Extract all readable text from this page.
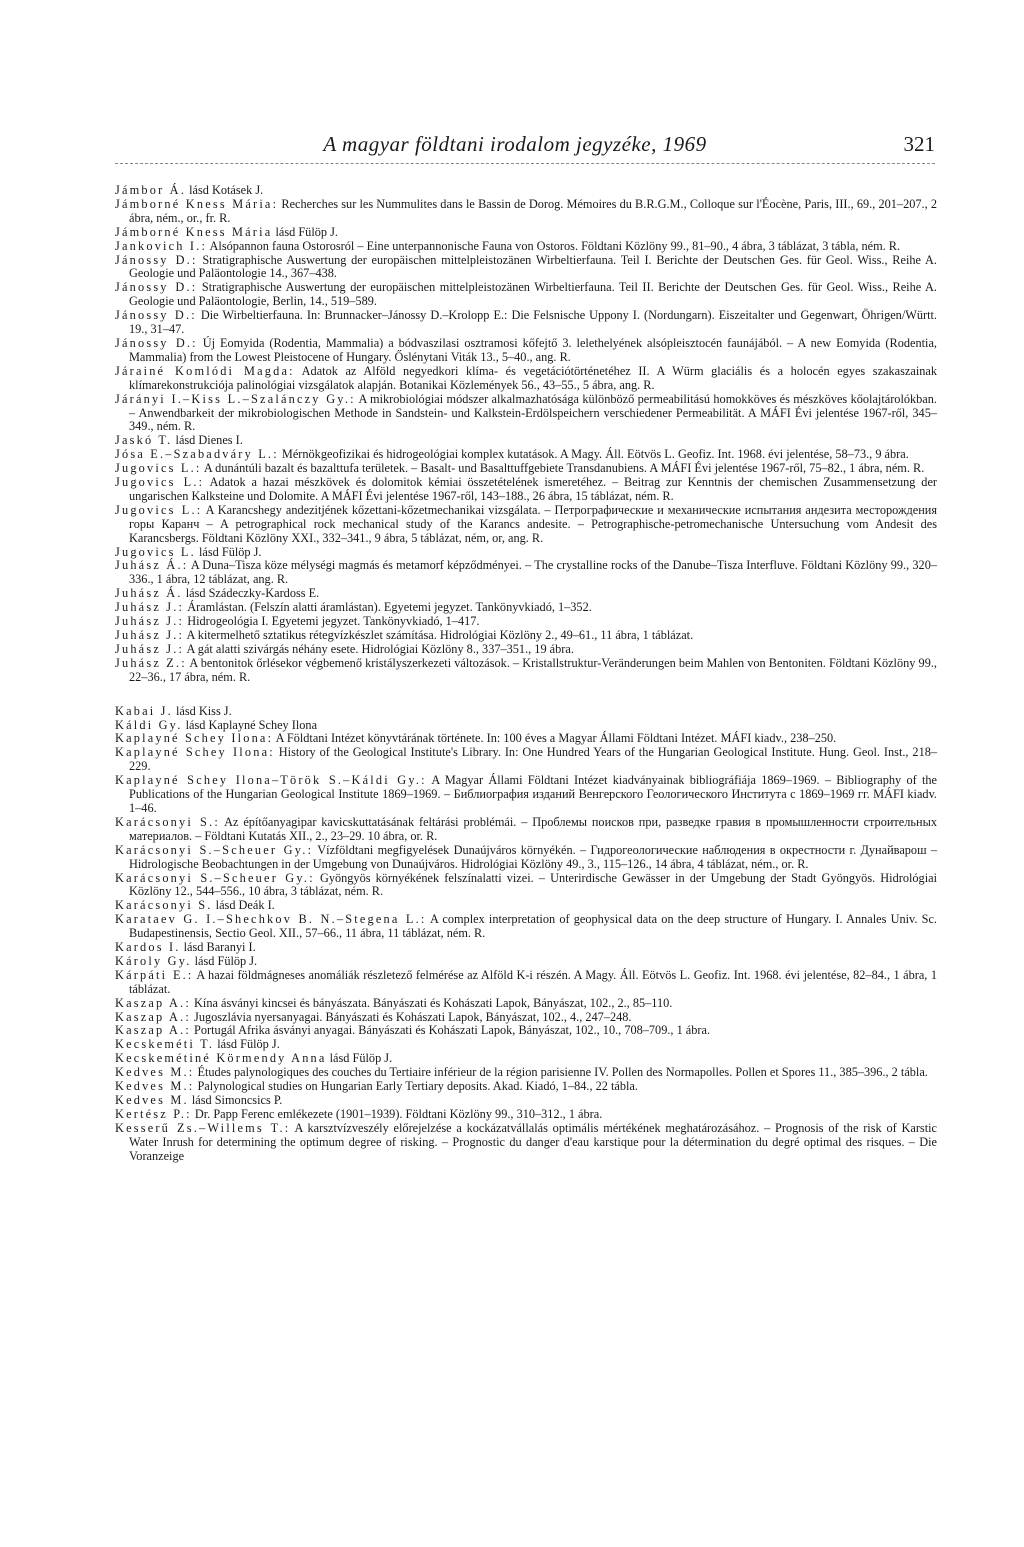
A magyar földtani irodalom jegyzéke, 1969	321

Jámbor Á. lásd Kotásek J.

Jámborné Kness Mária: Recherches sur les Nummulites dans le Bassin de Dorog. Mémoires du B.R.G.M., Colloque sur l'Éocène, Paris, III., 69., 201–207., 2 ábra, ném., or., fr. R.

Jámborné Kness Mária lásd Fülöp J.

Jankovich I.: Alsópannon fauna Ostorosról – Eine unterpannonische Fauna von Ostoros. Földtani Közlöny 99., 81–90., 4 ábra, 3 táblázat, 3 tábla, ném. R.

Jánossy D.: Stratigraphische Auswertung der europäischen mittelpleistozänen Wirbeltierfauna. Teil I. Berichte der Deutschen Ges. für Geol. Wiss., Reihe A. Geologie und Paläontologie 14., 367–438.

Jánossy D.: Stratigraphische Auswertung der europäischen mittelpleistozänen Wirbeltierfauna. Teil II. Berichte der Deutschen Ges. für Geol. Wiss., Reihe A. Geologie und Paläontologie, Berlin, 14., 519–589.

Jánossy D.: Die Wirbeltierfauna. In: Brunnacker–Jánossy D.–Krolopp E.: Die Felsnische Uppony I. (Nordungarn). Eiszeitalter und Gegenwart, Öhrigen/Württ. 19., 31–47.

Jánossy D.: Új Eomyida (Rodentia, Mammalia) a bódvaszilasi osztramosi kőfejtő 3. lelethelyének alsópleisztocén faunájából. – A new Eomyida (Rodentia, Mammalia) from the Lowest Pleistocene of Hungary. Őslénytani Viták 13., 5–40., ang. R.

Járainé Komlódi Magda: Adatok az Alföld negyedkori klíma- és vegetációtörténetéhez II. A Würm glaciális és a holocén egyes szakaszainak klímarekonstrukciója palinológiai vizsgálatok alapján. Botanikai Közlemények 56., 43–55., 5 ábra, ang. R.

Járányi I.–Kiss L.–Szalánczy Gy.: A mikrobiológiai módszer alkalmazhatósága különböző permeabilitású homokköves és mészköves kőolajtárolókban. – Anwendbarkeit der mikrobiologischen Methode in Sandstein- und Kalkstein-Erdölspeichern verschiedener Permeabilität. A MÁFI Évi jelentése 1967-ről, 345–349., ném. R.

Jaskó T. lásd Dienes I.

Jósa E.–Szabadváry L.: Mérnökgeofizikai és hidrogeológiai komplex kutatások. A Magy. Áll. Eötvös L. Geofiz. Int. 1968. évi jelentése, 58–73., 9 ábra.

Jugovics L.: A dunántúli bazalt és bazalttufa területek. – Basalt- und Basalttuffgebiete Transdanubiens. A MÁFI Évi jelentése 1967-ről, 75–82., 1 ábra, ném. R.

Jugovics L.: Adatok a hazai mészkövek és dolomitok kémiai összetételének ismeretéhez. – Beitrag zur Kenntnis der chemischen Zusammensetzung der ungarischen Kalksteine und Dolomite. A MÁFI Évi jelentése 1967-ről, 143–188., 26 ábra, 15 táblázat, ném. R.

Jugovics L.: A Karancshegy andezitjének kőzettani-kőzetmechanikai vizsgálata. – Петрографические и механические испытания андезита месторождения горы Каранч – A petrographical rock mechanical study of the Karancs andesite. – Petrographische-petromechanische Untersuchung vom Andesit des Karancsbergs. Földtani Közlöny XXI., 332–341., 9 ábra, 5 táblázat, ném, or, ang. R.

Jugovics L. lásd Fülöp J.

Juhász Á.: A Duna–Tisza köze mélységi magmás és metamorf képződményei. – The crystalline rocks of the Danube–Tisza Interfluve. Földtani Közlöny 99., 320–336., 1 ábra, 12 táblázat, ang. R.

Juhász Á. lásd Szádeczky-Kardoss E.

Juhász J.: Áramlástan. (Felszín alatti áramlástan). Egyetemi jegyzet. Tankönyvkiadó, 1–352.

Juhász J.: Hidrogeológia I. Egyetemi jegyzet. Tankönyvkiadó, 1–417.

Juhász J.: A kitermelhető sztatikus rétegvízkészlet számítása. Hidrológiai Közlöny 2., 49–61., 11 ábra, 1 táblázat.

Juhász J.: A gát alatti szivárgás néhány esete. Hidrológiai Közlöny 8., 337–351., 19 ábra.

Juhász Z.: A bentonitok őrlésekor végbemenő kristályszerkezeti változások. – Kristallstruktur-Veränderungen beim Mahlen von Bentoniten. Földtani Közlöny 99., 22–36., 17 ábra, ném. R.

Kabai J. lásd Kiss J.

Káldi Gy. lásd Kaplayné Schey Ilona

Kaplayné Schey Ilona: A Földtani Intézet könyvtárának története. In: 100 éves a Magyar Állami Földtani Intézet. MÁFI kiadv., 238–250.

Kaplayné Schey Ilona: History of the Geological Institute's Library. In: One Hundred Years of the Hungarian Geological Institute. Hung. Geol. Inst., 218–229.

Kaplayné Schey Ilona–Török S.–Káldi Gy.: A Magyar Állami Földtani Intézet kiadványainak bibliográfiája 1869–1969. – Bibliography of the Publications of the Hungarian Geological Institute 1869–1969. – Библиография изданий Венгерского Геологического Института с 1869–1969 гг. MÁFI kiadv. 1–46.

Karácsonyi S.: Az építőanyagipar kavicskuttatásának feltárási problémái. – Проблемы поисков при, разведке гравия в промышленности строительных материалов. – Földtani Kutatás XII., 2., 23–29. 10 ábra, or. R.

Karácsonyi S.–Scheuer Gy.: Vízföldtani megfigyelések Dunaújváros környékén. – Гидрогеологические наблюдения в окрестности г. Дунайварош – Hidrologische Beobachtungen in der Umgebung von Dunaújváros. Hidrológiai Közlöny 49., 3., 115–126., 14 ábra, 4 táblázat, ném., or. R.

Karácsonyi S.–Scheuer Gy.: Gyöngyös környékének felszínalatti vizei. – Unterirdische Gewässer in der Umgebung der Stadt Gyöngyös. Hidrológiai Közlöny 12., 544–556., 10 ábra, 3 táblázat, ném. R.

Karácsonyi S. lásd Deák I.

Karataev G. I.–Shechkov B. N.–Stegena L.: A complex interpretation of geophysical data on the deep structure of Hungary. I. Annales Univ. Sc. Budapestinensis, Sectio Geol. XII., 57–66., 11 ábra, 11 táblázat, ném. R.

Kardos I. lásd Baranyi I.

Károly Gy. lásd Fülöp J.

Kárpáti E.: A hazai földmágneses anomáliák részletező felmérése az Alföld K-i részén. A Magy. Áll. Eötvös L. Geofiz. Int. 1968. évi jelentése, 82–84., 1 ábra, 1 táblázat.

Kaszap A.: Kína ásványi kincsei és bányászata. Bányászati és Kohászati Lapok, Bányászat, 102., 2., 85–110.

Kaszap A.: Jugoszlávia nyersanyagai. Bányászati és Kohászati Lapok, Bányászat, 102., 4., 247–248.

Kaszap A.: Portugál Afrika ásványi anyagai. Bányászati és Kohászati Lapok, Bányászat, 102., 10., 708–709., 1 ábra.

Kecskeméti T. lásd Fülöp J.

Kecskemétiné Körmendy Anna lásd Fülöp J.

Kedves M.: Études palynologiques des couches du Tertiaire inférieur de la région parisienne IV. Pollen des Normapolles. Pollen et Spores 11., 385–396., 2 tábla.

Kedves M.: Palynological studies on Hungarian Early Tertiary deposits. Akad. Kiadó, 1–84., 22 tábla.

Kedves M. lásd Simoncsics P.

Kertész P.: Dr. Papp Ferenc emlékezete (1901–1939). Földtani Közlöny 99., 310–312., 1 ábra.

Kesserű Zs.–Willems T.: A karsztvízveszély előrejelzése a kockázatvállalás optimális mértékének meghatározásához. – Prognosis of the risk of Karstic Water Inrush for determining the optimum degree of risking. – Prognostic du danger d'eau karstique pour la détermination du degré optimal des risques. – Die Voranzeige
